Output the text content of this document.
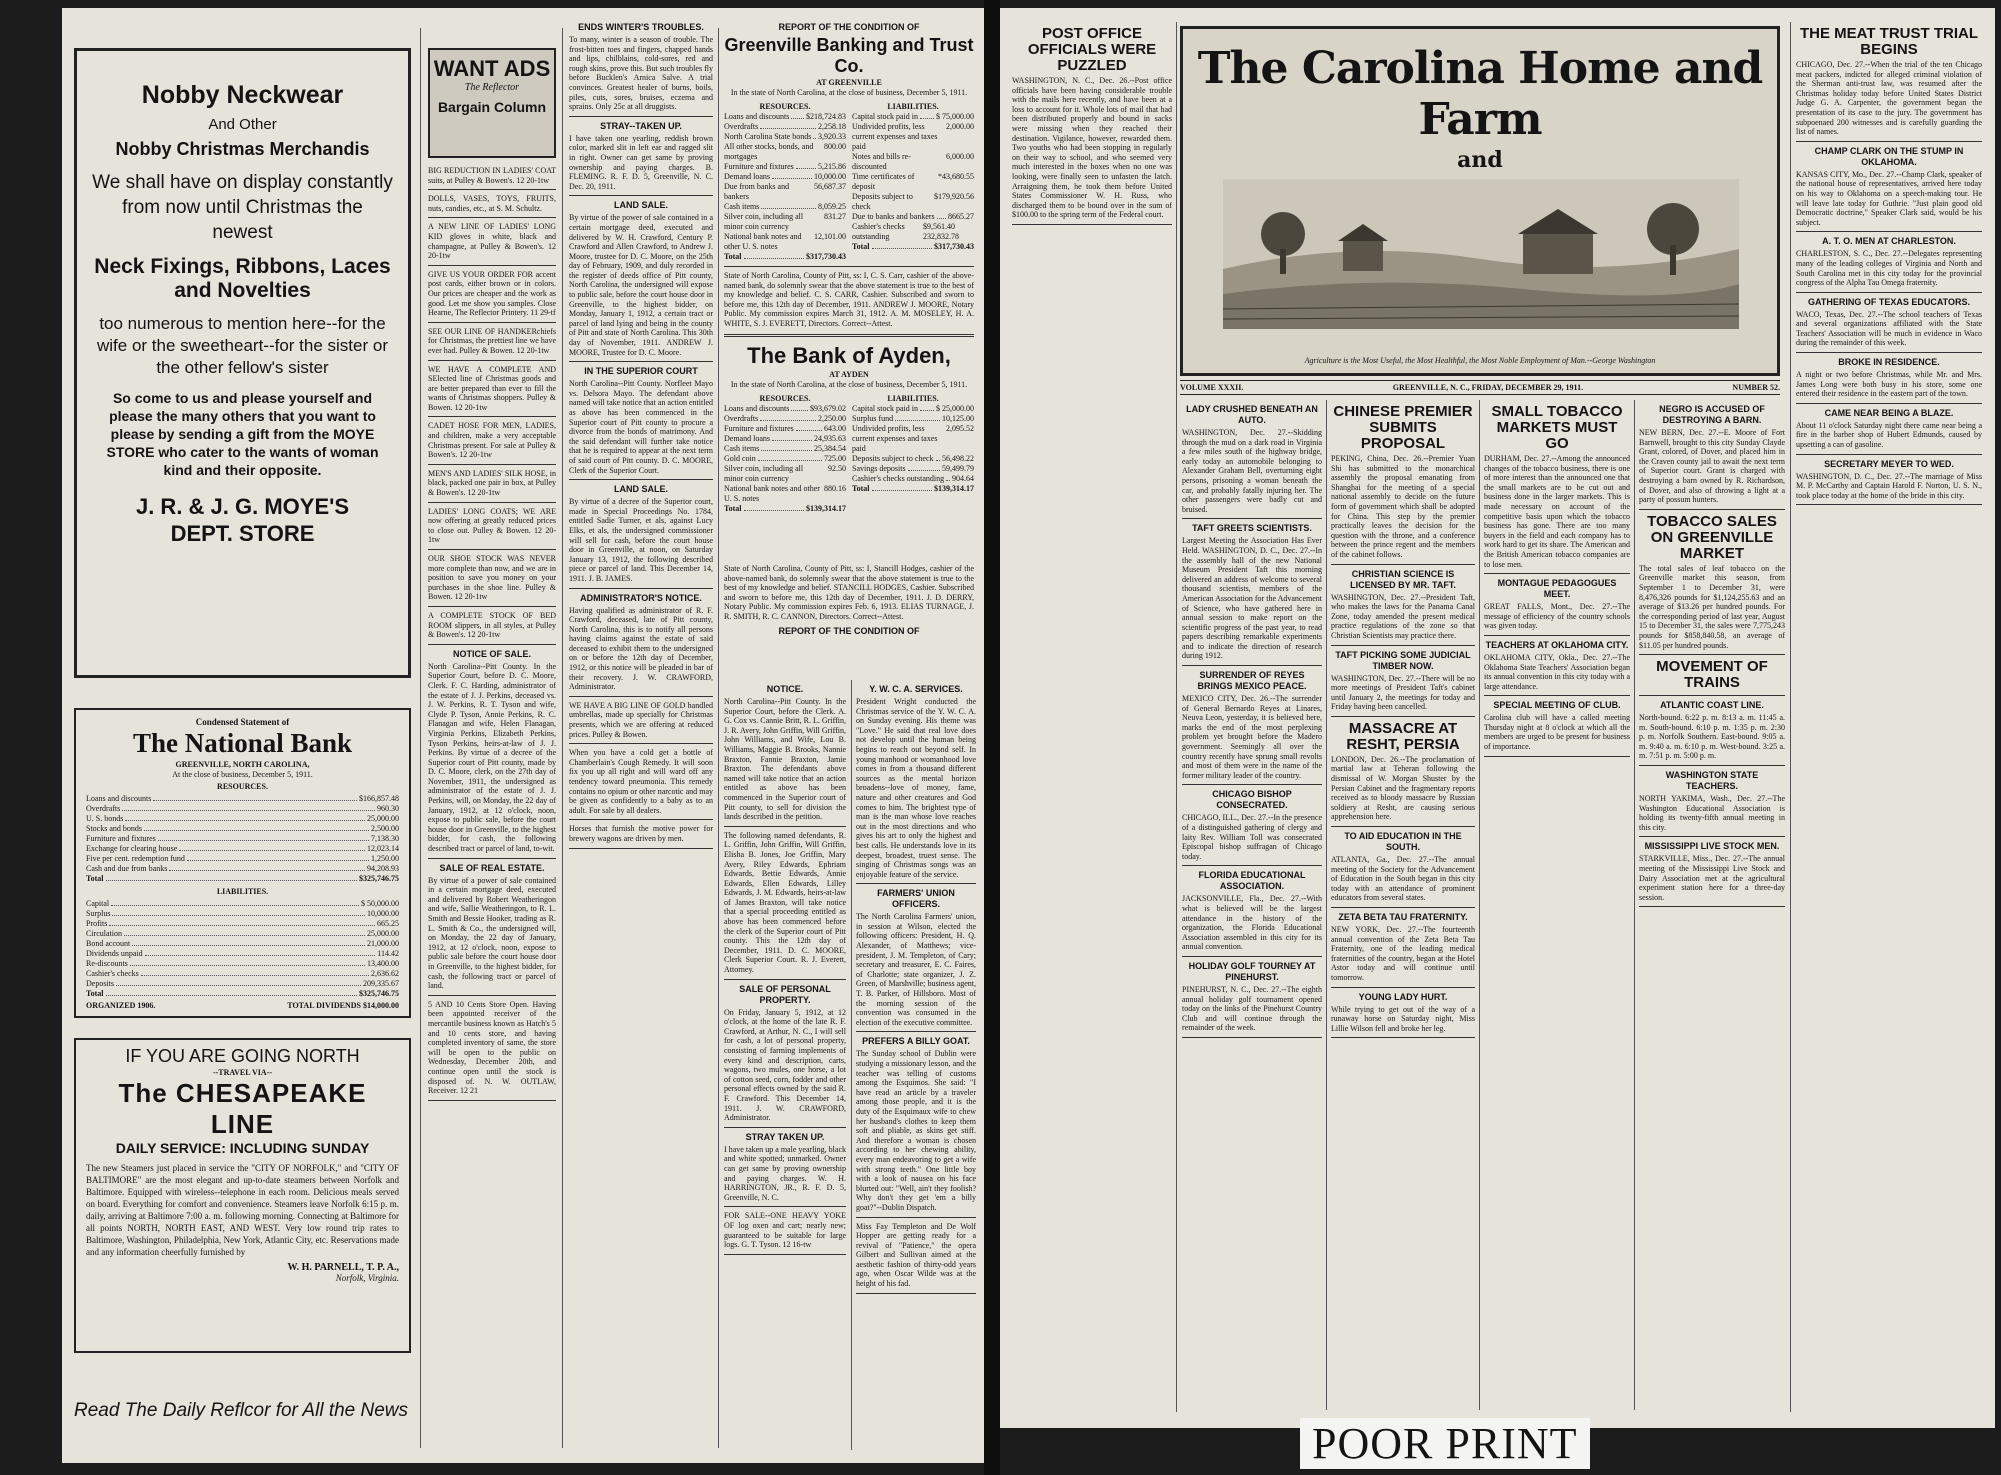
Nobby Neckwear
And Other
Nobby Christmas Merchandis
We shall have on display constantly from now until Christmas the newest
Neck Fixings, Ribbons, Laces and Novelties
too numerous to mention here--for the wife or the sweetheart--for the sister or the other fellow's sister
So come to us and please yourself and please the many others that you want to please by sending a gift from the MOYE STORE who cater to the wants of woman kind and their opposite.
J. R. & J. G. MOYE'S
DEPT. STORE
Condensed Statement of
The National Bank
GREENVILLE, NORTH CAROLINA,
At the close of business, December 5, 1911.
RESOURCES.
Loans and discounts	$166,857.48
Overdrafts	960.30
U. S. bonds	25,000.00
Stocks and bonds	2,500.00
Furniture and fixtures	7,138.30
Exchange for clearing house	12,023.14
Five per cent. redemption fund	1,250.00
Cash and due from banks	94,208.93
Total	$325,746.75
LIABILITIES.
Capital	$ 50,000.00
Surplus	10,000.00
Profits	665.25
Circulation	25,000.00
Bond account	21,000.00
Dividends unpaid	114.42
Re-discounts	13,400.00
Cashier's checks	2,636.62
Deposits	209,335.67
Total	$325,746.75
ORGANIZED 1906.	TOTAL DIVIDENDS $14,000.00
IF YOU ARE GOING NORTH
--TRAVEL VIA--
The CHESAPEAKE LINE
DAILY SERVICE: INCLUDING SUNDAY

The new Steamers just placed in service the "CITY OF NORFOLK," and "CITY OF BALTIMORE" are the most elegant and up-to-date steamers between Norfolk and Baltimore. Equipped with wireless--telephone in each room. Delicious meals served on board. Everything for comfort and convenience. Steamers leave Norfolk 6:15 p. m. daily, arriving at Baltimore 7:00 a. m. following morning. Connecting at Baltimore for all points NORTH, NORTH EAST, AND WEST. Very low round trip rates to Baltimore, Washington, Philadelphia, New York, Atlantic City, etc. Reservations made and any information cheerfully furnished by

W. H. PARNELL, T. P. A.,
Norfolk, Virginia.
Read The Daily Reflcor for All the News
WANT ADS
The Reflector
Bargain Column

BIG REDUCTION IN LADIES' COAT suits, at Pulley & Bowen's. 12 20-1tw

DOLLS, VASES, TOYS, FRUITS, nuts, candies, etc., at S. M. Schultz.

A NEW LINE OF LADIES' LONG KID gloves in white, black and champagne, at Pulley & Bowen's. 12 20-1tw

GIVE US YOUR ORDER FOR accent post cards, either brown or in colors. Our prices are cheaper and the work as good. Let me show you samples. Close Hearne, The Reflector Printery. 11 29-tf

SEE OUR LINE OF HANDKERchiefs for Christmas, the prettiest line we have ever had. Pulley & Bowen. 12 20-1tw

WE HAVE A COMPLETE AND SElected line of Christmas goods and are better prepared than ever to fill the wants of Christmas shoppers. Pulley & Bowen. 12 20-1tw

CADET HOSE FOR MEN, LADIES, and children, make a very acceptable Christmas present. For sale at Pulley & Bowen's. 12 20-1tw

MEN'S AND LADIES' SILK HOSE, in black, packed one pair in box, at Pulley & Bowen's. 12 20-1tw

LADIES' LONG COATS; WE ARE now offering at greatly reduced prices to close out. Pulley & Bowen. 12 20-1tw

OUR SHOE STOCK WAS NEVER more complete than now, and we are in position to save you money on your purchases in the shoe line. Pulley & Bowen. 12 20-1tw

A COMPLETE STOCK OF BED ROOM slippers, in all styles, at Pulley & Bowen's. 12 20-1tw

NOTICE OF SALE.

North Carolina--Pitt County. In the Superior Court, before D. C. Moore, Clerk. F. C. Harding, administrator of the estate of J. J. Perkins, deceased vs. J. W. Perkins, R. T. Tyson and wife, Clyde P. Tyson, Annie Perkins, R. C. Flanagan and wife, Helen Flanagan, Virginia Perkins, Elizabeth Perkins, Tyson Perkins, heirs-at-law of J. J. Perkins. By virtue of a decree of the Superior court of Pitt county, made by D. C. Moore, clerk, on the 27th day of November, 1911, the undersigned as administrator of the estate of J. J. Perkins, will, on Monday, the 22 day of January, 1912, at 12 o'clock, noon, expose to public sale, before the court house door in Greenville, to the highest bidder, for cash, the following described tract or parcel of land, to-wit.

SALE OF REAL ESTATE.

By virtue of a power of sale contained in a certain mortgage deed, executed and delivered by Robert Weatheringon and wife, Sallie Weatheringon, to R. L. Smith and Bessie Hooker, trading as R. L. Smith & Co., the undersigned will, on Monday, the 22 day of January, 1912, at 12 o'clock, noon, expose to public sale before the court house door in Greenville, to the highest bidder, for cash, the following tract or parcel of land.

5 AND 10 Cents Store Open. Having been appointed receiver of the mercantile business known as Hatch's 5 and 10 cents store, and having completed inventory of same, the store will be open to the public on Wednesday, December 20th, and continue open until the stock is disposed of. N. W. OUTLAW, Receiver. 12 21

ENDS WINTER'S TROUBLES.

To many, winter is a season of trouble. The frost-bitten toes and fingers, chapped hands and lips, chilblains, cold-sores, red and rough skins, prove this. But such troubles fly before Bucklen's Arnica Salve. A trial convinces. Greatest healer of burns, boils, piles, cuts, sores, bruises, eczema and sprains. Only 25c at all druggists.

STRAY--TAKEN UP.

I have taken one yearling, reddish brown color, marked slit in left ear and ragged slit in right. Owner can get same by proving ownership and paying charges. B. FLEMING. R. F. D. 5, Greenville, N. C. Dec. 20, 1911.

LAND SALE.

By virtue of the power of sale contained in a certain mortgage deed, executed and delivered by W. H. Crawford, Century P. Crawford and Allen Crawford, to Andrew J. Moore, trustee for D. C. Moore, on the 25th day of February, 1909, and duly recorded in the register of deeds office of Pitt county, North Carolina, the undersigned will expose to public sale, before the court house door in Greenville, to the highest bidder, on Monday, January 1, 1912, a certain tract or parcel of land lying and being in the county of Pitt and state of North Carolina. This 30th day of November, 1911. ANDREW J. MOORE, Trustee for D. C. Moore.

IN THE SUPERIOR COURT

North Carolina--Pitt County. Norfleet Mayo vs. Delsora Mayo. The defendant above named will take notice that an action entitled as above has been commenced in the Superior court of Pitt county to procure a divorce from the bonds of matrimony. And the said defendant will further take notice that he is required to appear at the next term of said court of Pitt county. D. C. MOORE, Clerk of the Superior Court.

LAND SALE.

By virtue of a decree of the Superior court, made in Special Proceedings No. 1784, entitled Sadie Turner, et als, against Lucy Elks, et als, the undersigned commissioner will sell for cash, before the court house door in Greenville, at noon, on Saturday January 13, 1912, the following described piece or parcel of land. This December 14, 1911. J. B. JAMES.

ADMINISTRATOR'S NOTICE.

Having qualified as administrator of R. F. Crawford, deceased, late of Pitt county, North Carolina, this is to notify all persons having claims against the estate of said deceased to exhibit them to the undersigned on or before the 12th day of December, 1912, or this notice will be pleaded in bar of their recovery. J. W. CRAWFORD, Administrator.

WE HAVE A BIG LINE OF GOLD handled umbrellas, made up specially for Christmas presents, which we are offering at reduced prices. Pulley & Bowen.

When you have a cold get a bottle of Chamberlain's Cough Remedy. It will soon fix you up all right and will ward off any tendency toward pneumonia. This remedy contains no opium or other narcotic and may be given as confidently to a baby as to an adult. For sale by all dealers.

Horses that furnish the motive power for brewery wagons are driven by men.

REPORT OF THE CONDITION OF
Greenville Banking and Trust Co.
AT GREENVILLE
In the state of North Carolina, at the close of business, December 5, 1911.
RESOURCES.
Loans and discounts $218,724.83
Overdrafts	2,258.18
North Carolina State bonds 3,920.33
All other stocks, bonds, and mortgages
800.00
Furniture and fixtures	5,215.86
Demand loans	10,000.00
Due from banks and bankers
56,687.37
Cash items	8,059.25
Silver coin, including all minor coin currency
831.27
National bank notes and other U. S. notes
12,101.00
Total	$317,730.43
LIABILITIES.
Capital stock paid in $ 75,000.00
Undivided profits, less current expenses and taxes paid
2,000.00
Notes and bills re-discounted
6,000.00
Time certificates of deposit
*43,680.55
Deposits subject to check
$179,920.56
Due to banks and bankers 8665.27
Cashier's checks outstanding
$9,561.40 232,832.78
Total	$317,730.43

State of North Carolina, County of Pitt, ss: I, C. S. Carr, cashier of the above-named bank, do solemnly swear that the above statement is true to the best of my knowledge and belief. C. S. CARR, Cashier. Subscribed and sworn to before me, this 12th day of December, 1911. ANDREW J. MOORE, Notary Public. My commission expires March 31, 1912. A. M. MOSELEY, H. A. WHITE, S. J. EVERETT, Directors. Correct--Attest.

The Bank of Ayden,
AT AYDEN
In the state of North Carolina, at the close of business, December 5, 1911.
RESOURCES.
Loans and discounts	$93,679.02
Overdrafts	2,250.00
Furniture and fixtures	643.00
Demand loans	24,935.63
Cash items	25,384.54
Gold coin	725.00
Silver coin, including all minor coin currency
92.50
National bank notes and other U. S. notes
880.16
Total	$139,314.17
LIABILITIES.
Capital stock paid in $ 25,000.00
Surplus fund	10,125.00
Undivided profits, less current expenses and taxes paid
2,095.52
Deposits subject to check 56,498.22
Savings deposits	59,499.79
Cashier's checks outstanding 904.64
Total	$139,314.17

State of North Carolina, County of Pitt, ss: I, Stancill Hodges, cashier of the above-named bank, do solemnly swear that the above statement is true to the best of my knowledge and belief. STANCILL HODGES, Cashier. Subscribed and sworn to before me, this 12th day of December, 1911. J. D. DERRY, Notary Public. My commission expires Feb. 6, 1913. ELIAS TURNAGE, J. R. SMITH, R. C. CANNON, Directors. Correct--Attest.

REPORT OF THE CONDITION OF
NOTICE.

North Carolina--Pitt County. In the Superior Court, before the Clerk. A. G. Cox vs. Cannie Britt, R. L. Griffin, J. R. Avery, John Griffin, Will Griffin, John Williams, and Wife, Lou B. Williams, Maggie B. Brooks, Nannie Braxton, Fannie Braxton, Jamie Braxton. The defendants above named will take notice that an action entitled as above has been commenced in the Superior court of Pitt county, to sell for division the lands described in the petition.

The following named defendants, R. L. Griffin, John Griffin, Will Griffin, Elisha B. Jones, Joe Griffin, Mary Avery, Riley Edwards, Ephriam Edwards, Bettie Edwards, Annie Edwards, Ellen Edwards, Lilley Edwards, J. M. Edwards, heirs-at-law of James Braxton, will take notice that a special proceeding entitled as above has been commenced before the clerk of the Superior court of Pitt county. This the 12th day of December, 1911. D. C. MOORE, Clerk Superior Court. R. J. Everett, Attorney.

SALE OF PERSONAL PROPERTY.

On Friday, January 5, 1912, at 12 o'clock, at the home of the late R. F. Crawford, at Arthur, N. C., I will sell for cash, a lot of personal property, consisting of farming implements of every kind and description, carts, wagons, two mules, one horse, a lot of cotton seed, corn, fodder and other personal effects owned by the said R. F. Crawford. This December 14, 1911. J. W. CRAWFORD, Administrator.

STRAY TAKEN UP.

I have taken up a male yearling, black and white spotted; unmarked. Owner can get same by proving ownership and paying charges. W. H. HARRINGTON, JR., R. F. D. 5, Greenville, N. C.

FOR SALE--ONE HEAVY YOKE OF log oxen and cart; nearly new; guaranteed to be suitable for large logs. G. T. Tyson. 12 16-tw

Y. W. C. A. SERVICES.

President Wright conducted the Christmas service of the Y. W. C. A. on Sunday evening. His theme was "Love." He said that real love does not develop until the human being begins to reach out beyond self. In young manhood or womanhood love comes in from a thousand different sources as the mental horizon broadens--love of money, fame, nature and other creatures and God comes to him. The brightest type of man is the man whose love reaches out in the most directions and who gives his art to only the highest and best calls. He understands love in its deepest, broadest, truest sense. The singing of Christmas songs was an enjoyable feature of the service.

FARMERS' UNION OFFICERS.

The North Carolina Farmers' union, in session at Wilson, elected the following officers: President, H. Q. Alexander, of Matthews; vice-president, J. M. Templeton, of Cary; secretary and treasurer, E. C. Faires, of Charlotte; state organizer, J. Z. Green, of Marshville; business agent, T. B. Parker, of Hillsboro. Most of the morning session of the convention was consumed in the election of the executive committee.

PREFERS A BILLY GOAT.

The Sunday school of Dublin were studying a missionary lesson, and the teacher was telling of customs among the Esquimos. She said: "I have read an article by a traveler among those people, and it is the duty of the Esquimaux wife to chew her husband's clothes to keep them soft and pliable, as skins get stiff. And therefore a woman is chosen according to her chewing ability, every man endeavoring to get a wife with strong teeth." One little boy with a look of nausea on his face blurted out: "Well, ain't they foolish? Why don't they get 'em a billy goat?"--Dublin Dispatch.

Miss Fay Templeton and De Wolf Hopper are getting ready for a revival of "Patience," the opera Gilbert and Sullivan aimed at the aesthetic fashion of thirty-odd years ago, when Oscar Wilde was at the height of his fad.

POST OFFICE OFFICIALS WERE PUZZLED

WASHINGTON, N. C., Dec. 26.--Post office officials have been having considerable trouble with the mails here recently, and have been at a loss to account for it. Whole lots of mail that had been distributed properly and bound in sacks were missing when they reached their destination. Vigilance, however, rewarded them. Two youths who had been stopping in regularly on their way to school, and who seemed very much interested in the boxes when no one was looking, were finally seen to unfasten the latch. Arraigning them, he took them before United States Commissioner W. H. Russ, who discharged them to be bound over in the sum of $100.00 to the spring term of the Federal court.

The Carolina Home and Farm
and
Agriculture is the Most Useful, the Most Healthful, the Most Noble Employment of Man.--George Washington
VOLUME XXXII.	GREENVILLE, N. C., FRIDAY, DECEMBER 29, 1911.	NUMBER 52.
LADY CRUSHED BENEATH AN AUTO.

WASHINGTON, Dec. 27.--Skidding through the mud on a dark road in Virginia a few miles south of the highway bridge, early today an automobile belonging to Alexander Graham Bell, overturning eight persons, prisoning a woman beneath the car, and probably fatally injuring her. The other passengers were badly cut and bruised.

TAFT GREETS SCIENTISTS.

Largest Meeting the Association Has Ever Held. WASHINGTON, D. C., Dec. 27.--In the assembly hall of the new National Museum President Taft this morning delivered an address of welcome to several thousand scientists, members of the American Association for the Advancement of Science, who have gathered here in annual session to make report on the scientific progress of the past year, to read papers describing remarkable experiments and to indicate the direction of research during 1912.

SURRENDER OF REYES BRINGS MEXICO PEACE.

MEXICO CITY, Dec. 26.--The surrender of General Bernardo Reyes at Linares, Neuva Leon, yesterday, it is believed here, marks the end of the most perplexing problem yet brought before the Madero government. Seemingly all over the country recently have sprung small revolts and most of them were in the name of the former military leader of the country.

CHICAGO BISHOP CONSECRATED.

CHICAGO, ILL., Dec. 27.--In the presence of a distinguished gathering of clergy and laity Rev. William Toll was consecrated Episcopal bishop suffragan of Chicago today.

FLORIDA EDUCATIONAL ASSOCIATION.

JACKSONVILLE, Fla., Dec. 27.--With what is believed will be the largest attendance in the history of the organization, the Florida Educational Association assembled in this city for its annual convention.

HOLIDAY GOLF TOURNEY AT PINEHURST.

PINEHURST, N. C., Dec. 27.--The eighth annual holiday golf tournament opened today on the links of the Pinehurst Country Club and will continue through the remainder of the week.

CHINESE PREMIER SUBMITS PROPOSAL

PEKING, China, Dec. 26.--Premier Yuan Shi has submitted to the monarchical assembly the proposal emanating from Shanghai for the meeting of a special national assembly to decide on the future form of government which shall be adopted for China. This step by the premier practically leaves the decision for the question with the throne, and a conference between the prince regent and the members of the cabinet follows.

CHRISTIAN SCIENCE IS LICENSED BY MR. TAFT.

WASHINGTON, Dec. 27.--President Taft, who makes the laws for the Panama Canal Zone, today amended the present medical practice regulations of the zone so that Christian Scientists may practice there.

TAFT PICKING SOME JUDICIAL TIMBER NOW.

WASHINGTON, Dec. 27.--There will be no more meetings of President Taft's cabinet until January 2, the meetings for today and Friday having been cancelled.

MASSACRE AT RESHT, PERSIA

LONDON, Dec. 26.--The proclamation of martial law at Teheran following the dismissal of W. Morgan Shuster by the Persian Cabinet and the fragmentary reports received as to bloody massacre by Russian soldiery at Resht, are causing serious apprehension here.

TO AID EDUCATION IN THE SOUTH.

ATLANTA, Ga., Dec. 27.--The annual meeting of the Society for the Advancement of Education in the South began in this city today with an attendance of prominent educators from several states.

ZETA BETA TAU FRATERNITY.

NEW YORK, Dec. 27.--The fourteenth annual convention of the Zeta Beta Tau Fraternity, one of the leading medical fraternities of the country, began at the Hotel Astor today and will continue until tomorrow.

YOUNG LADY HURT.

While trying to get out of the way of a runaway horse on Saturday night, Miss Lillie Wilson fell and broke her leg.

SMALL TOBACCO MARKETS MUST GO

DURHAM, Dec. 27.--Among the announced changes of the tobacco business, there is one of more interest than the announced one that the small markets are to be cut out and business done in the larger markets. This is made necessary on account of the competitive basis upon which the tobacco business has gone. There are too many buyers in the field and each company has to work hard to get its share. The American and the British American tobacco companies are to lose men.

MONTAGUE PEDAGOGUES MEET.

GREAT FALLS, Mont., Dec. 27.--The message of efficiency of the country schools was given today.

TEACHERS AT OKLAHOMA CITY.

OKLAHOMA CITY, Okla., Dec. 27.--The Oklahoma State Teachers' Association began its annual convention in this city today with a large attendance.

SPECIAL MEETING OF CLUB.

Carolina club will have a called meeting Thursday night at 8 o'clock at which all the members are urged to be present for business of importance.

NEGRO IS ACCUSED OF DESTROYING A BARN.

NEW BERN, Dec. 27.--E. Moore of Fort Barnwell, brought to this city Sunday Clayde Grant, colored, of Dover, and placed him in the Craven county jail to await the next term of Superior court. Grant is charged with destroying a barn owned by R. Richardson, of Dover, and also of throwing a light at a party of possum hunters.

TOBACCO SALES ON GREENVILLE MARKET

The total sales of leaf tobacco on the Greenville market this season, from September 1 to December 31, were 8,476,326 pounds for $1,124,255.63 and an average of $13.26 per hundred pounds. For the corresponding period of last year, August 15 to December 31, the sales were 7,775,243 pounds for $858,840.58, an average of $11.05 per hundred pounds.

MOVEMENT OF TRAINS
ATLANTIC COAST LINE.

North-bound. 6:22 p. m. 8:13 a. m. 11:45 a. m. South-bound. 6:10 p. m. 1:35 p. m. 2:30 p. m. Norfolk Southern. East-bound. 9:05 a. m. 9:40 a. m. 6:10 p. m. West-bound. 3:25 a. m. 7:51 p. m. 5:00 p. m.

WASHINGTON STATE TEACHERS.

NORTH YAKIMA, Wash., Dec. 27.--The Washington Educational Association is holding its twenty-fifth annual meeting in this city.

MISSISSIPPI LIVE STOCK MEN.

STARKVILLE, Miss., Dec. 27.--The annual meeting of the Mississippi Live Stock and Dairy Association met at the agricultural experiment station here for a three-day session.

THE MEAT TRUST TRIAL BEGINS

CHICAGO, Dec. 27.--When the trial of the ten Chicago meat packers, indicted for alleged criminal violation of the Sherman anti-trust law, was resumed after the Christmas holiday today before United States District Judge G. A. Carpenter, the government began the presentation of its case to the jury. The government has subpoenaed 200 witnesses and is carefully guarding the list of names.

CHAMP CLARK ON THE STUMP IN OKLAHOMA.

KANSAS CITY, Mo., Dec. 27.--Champ Clark, speaker of the national house of representatives, arrived here today on his way to Oklahoma on a speech-making tour. He will leave late today for Guthrie. "Just plain good old Democratic doctrine," Speaker Clark said, would be his subject.

A. T. O. MEN AT CHARLESTON.

CHARLESTON, S. C., Dec. 27.--Delegates representing many of the leading colleges of Virginia and North and South Carolina met in this city today for the provincial congress of the Alpha Tau Omega fraternity.

GATHERING OF TEXAS EDUCATORS.

WACO, Texas, Dec. 27.--The school teachers of Texas and several organizations affiliated with the State Teachers' Association will be much in evidence in Waco during the remainder of this week.

BROKE IN RESIDENCE.

A night or two before Christmas, while Mr. and Mrs. James Long were both busy in his store, some one entered their residence in the eastern part of the town.

CAME NEAR BEING A BLAZE.

About 11 o'clock Saturday night there came near being a fire in the barber shop of Hubert Edmunds, caused by upsetting a can of gasoline.

SECRETARY MEYER TO WED.

WASHINGTON, D. C., Dec. 27.--The marriage of Miss M. P. McCarthy and Captain Harold F. Norton, U. S. N., took place today at the home of the bride in this city.

POOR PRINT
